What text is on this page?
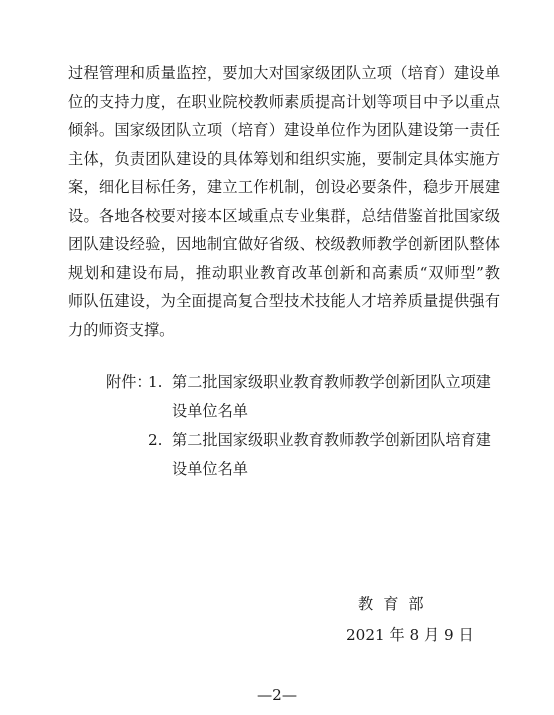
过 程 管 理 和 质 量 监 控 ， 要 加 大 对 国 家 级 团 队 立 项 （ 培 育 ） 建 设 单
位 的 支 持 力 度 ， 在 职 业 院 校 教 师 素 质 提 高 计 划 等 项 目 中 予 以 重 点
倾 斜 。 国 家 级 团 队 立 项 （ 培 育 ） 建 设 单 位 作 为 团 队 建 设 第 一 责 任
主 体 ， 负 责 团 队 建 设 的 具 体 筹 划 和 组 织 实 施 ， 要 制 定 具 体 实 施 方
案 ， 细 化 目 标 任 务 ， 建 立 工 作 机 制 ， 创 设 必 要 条 件 ， 稳 步 开 展 建
设 。 各 地 各 校 要 对 接 本 区 域 重 点 专 业 集 群 ， 总 结 借 鉴 首 批 国 家 级
团 队 建 设 经 验 ， 因 地 制 宜 做 好 省 级 、 校 级 教 师 教 学 创 新 团 队 整 体
规 划 和 建 设 布 局 ， 推 动 职 业 教 育 改 革 创 新 和 高 素 质 “ 双 师 型 ” 教
师 队 伍 建 设 ， 为 全 面 提 高 复 合 型 技 术 技 能 人 才 培 养 质 量 提 供 强 有
力的师资支撑。
附件：
1. 第二批国家级职业教育教师教学创新团队立项建
设单位名单
2. 第二批国家级职业教育教师教学创新团队培育建
设单位名单
教育部
2021 年 8 月 9 日
—2—
